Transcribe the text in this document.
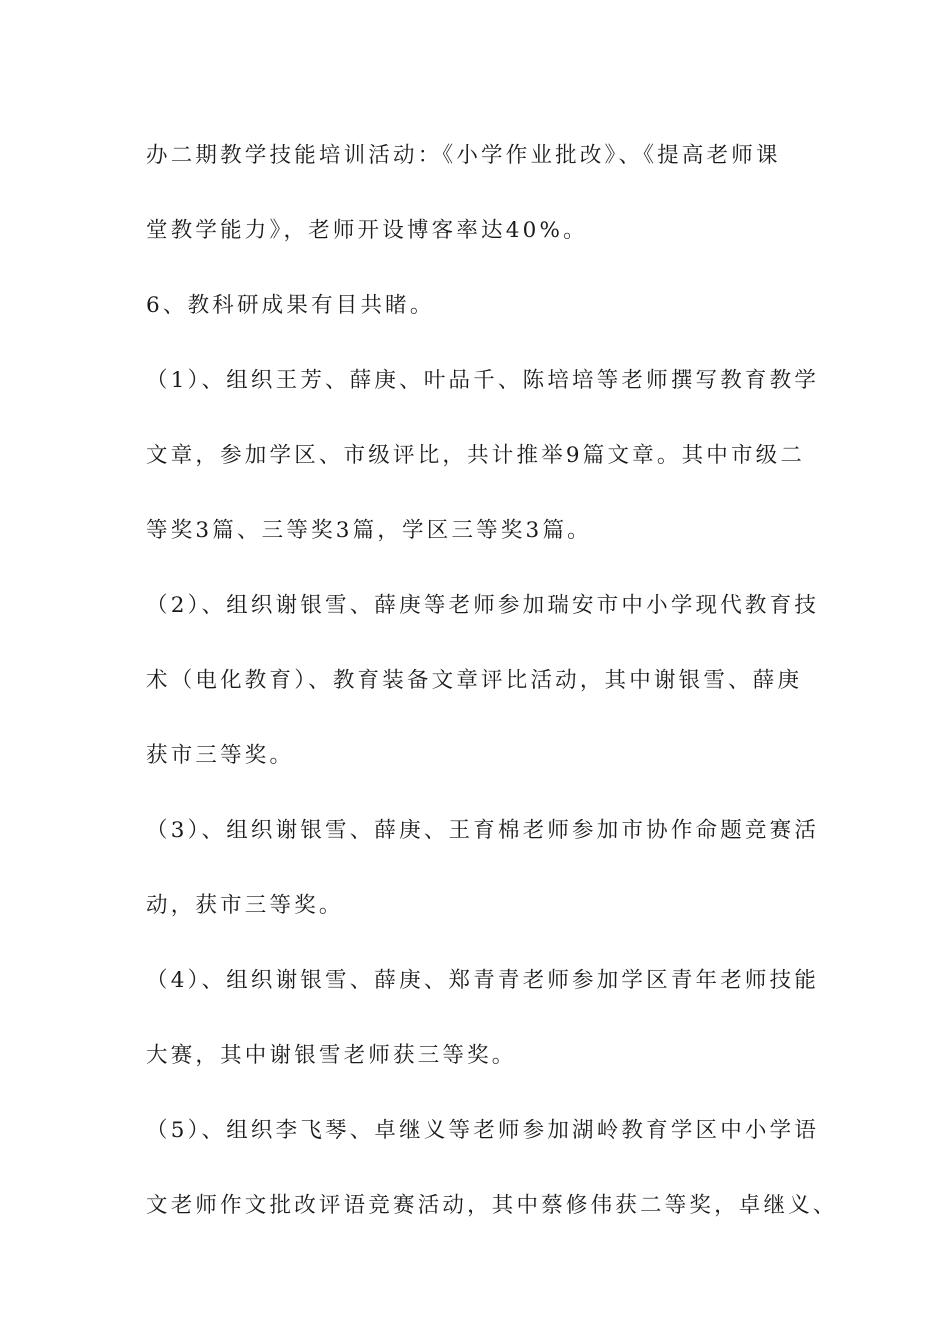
办二期教学技能培训活动：《小学作业批改》、《提高老师课
堂教学能力》，老师开设博客率达40%。
6、教科研成果有目共睹。
（1）、组织王芳、薛庚、叶品千、陈培培等老师撰写教育教学
文章，参加学区、市级评比，共计推举9篇文章。其中市级二
等奖3篇、三等奖3篇，学区三等奖3篇。
（2）、组织谢银雪、薛庚等老师参加瑞安市中小学现代教育技
术（电化教育）、教育装备文章评比活动，其中谢银雪、薛庚
获市三等奖。
（3）、组织谢银雪、薛庚、王育棉老师参加市协作命题竞赛活
动，获市三等奖。
（4）、组织谢银雪、薛庚、郑青青老师参加学区青年老师技能
大赛，其中谢银雪老师获三等奖。
（5）、组织李飞琴、卓继义等老师参加湖岭教育学区中小学语
文老师作文批改评语竞赛活动，其中蔡修伟获二等奖，卓继义、
